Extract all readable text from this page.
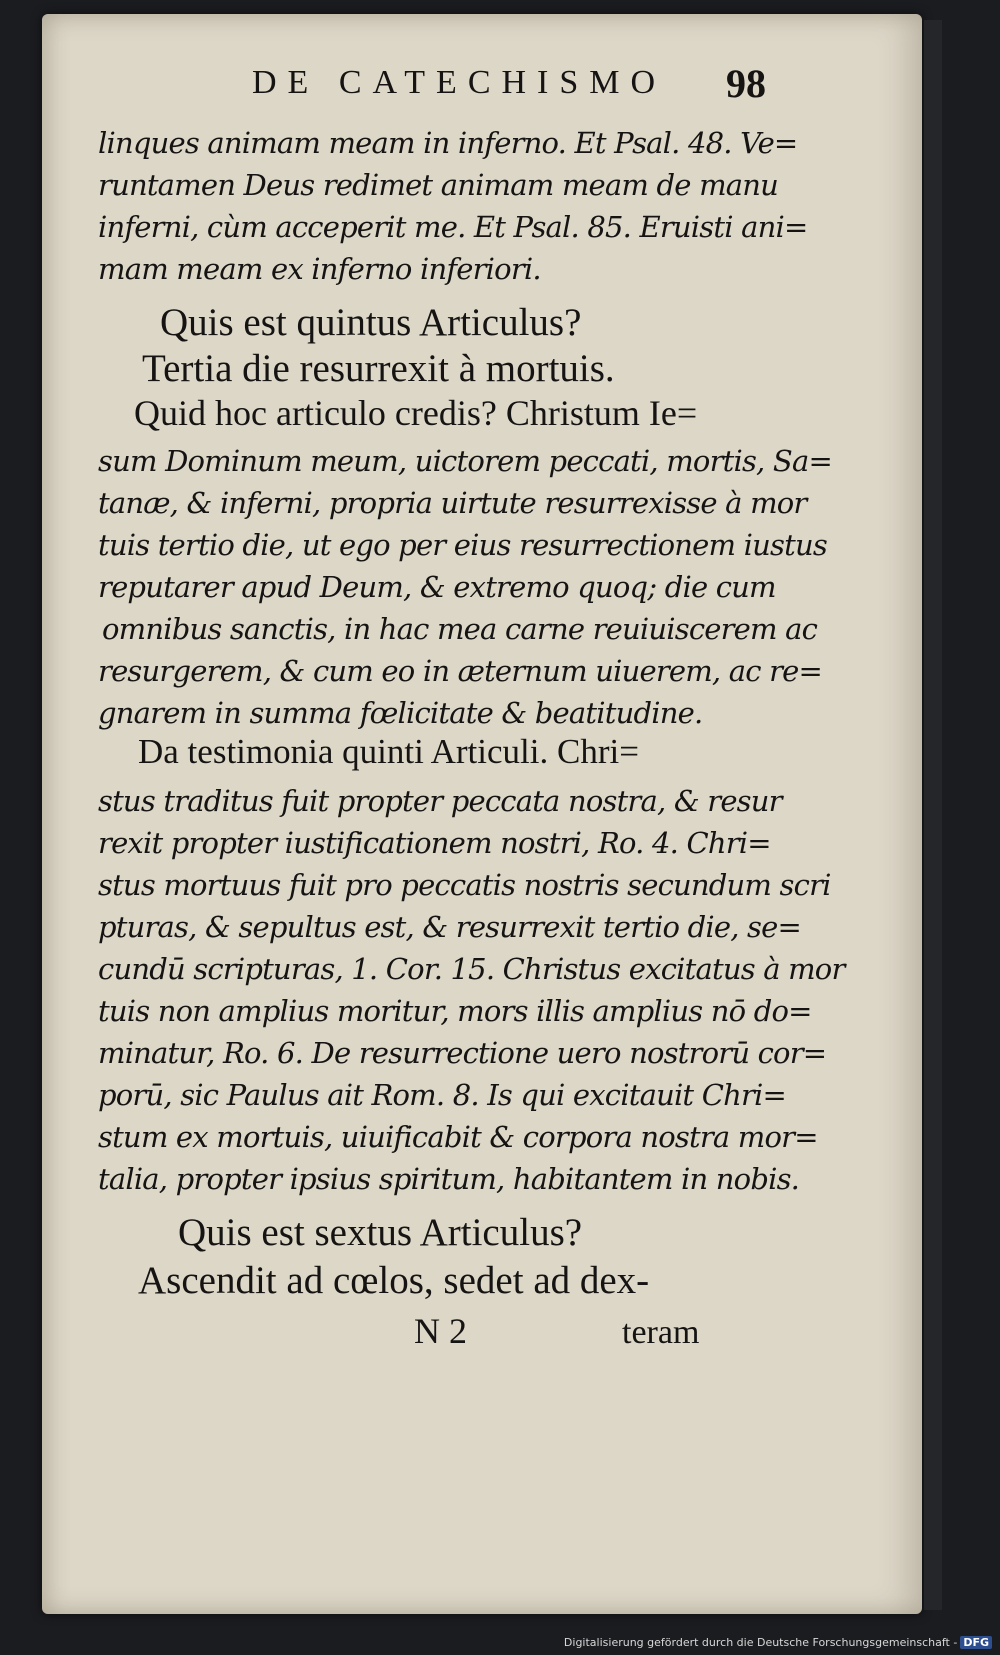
DE CATECHISMO 98
linques animam meam in inferno. Et Psal. 48. Ve=
runtamen Deus redimet animam meam de manu
inferni, cùm acceperit me. Et Psal. 85. Eruisti ani=
mam meam ex inferno inferiori.
Quis est quintus Articulus?
Tertia die resurrexit à mortuis.
Quid hoc articulo credis? Christum Ie=
sum Dominum meum, uictorem peccati, mortis, Sa=
tanæ, & inferni, propria uirtute resurrexisse à mor
tuis tertio die, ut ego per eius resurrectionem iustus
reputarer apud Deum, & extremo quoq; die cum
omnibus sanctis, in hac mea carne reuiuiscerem ac
resurgerem, & cum eo in æternum uiuerem, ac re=
gnarem in summa fœlicitate & beatitudine.
Da testimonia quinti Articuli. Chri=
stus traditus fuit propter peccata nostra, & resur
rexit propter iustificationem nostri, Ro. 4. Chri=
stus mortuus fuit pro peccatis nostris secundum scri
pturas, & sepultus est, & resurrexit tertio die, se=
cundū scripturas, 1. Cor. 15. Christus excitatus à mor
tuis non amplius moritur, mors illis amplius nō do=
minatur, Ro. 6. De resurrectione uero nostrorū cor=
porū, sic Paulus ait Rom. 8. Is qui excitauit Chri=
stum ex mortuis, uiuificabit & corpora nostra mor=
talia, propter ipsius spiritum, habitantem in nobis.
Quis est sextus Articulus?
Ascendit ad cœlos, sedet ad dex-
N 2	teram
Digitalisierung gefördert durch die Deutsche Forschungsgemeinschaft - DFG
